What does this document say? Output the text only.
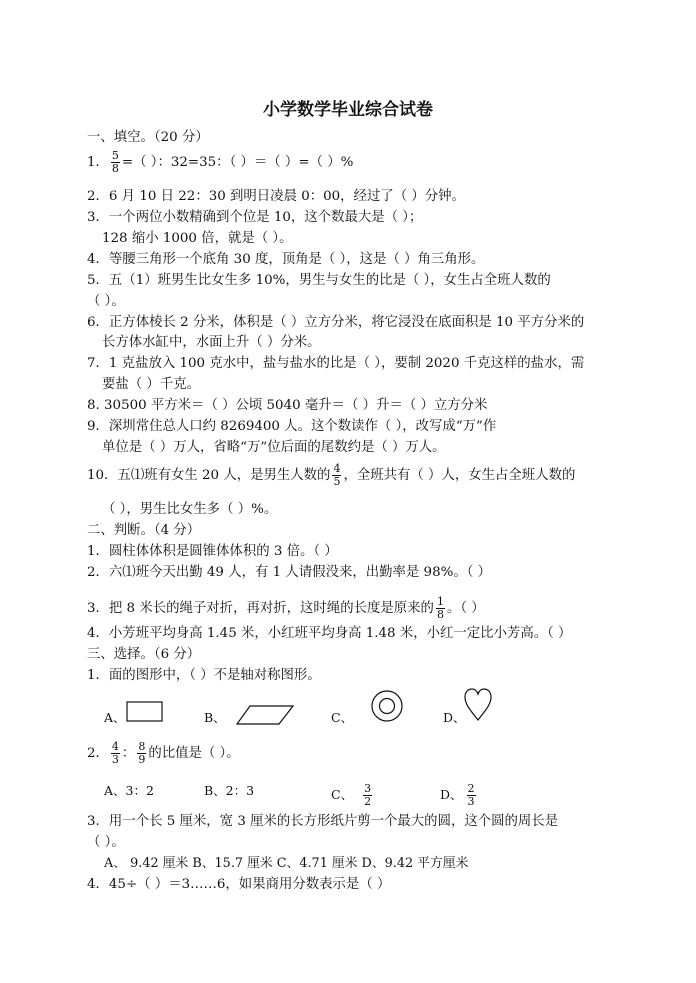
小学数学毕业综合试卷
一、填空。（20 分）
1． $\frac{5}{8}$ =（ ）：32=35：（ ）＝（ ）=（ ）%
2．6 月 10 日 22：30 到明日凌晨 0：00，经过了（ ）分钟。
3．一个两位小数精确到个位是 10，这个数最大是（ ）；
128 缩小 1000 倍，就是（ ）。
4．等腰三角形一个底角 30 度，顶角是（ ），这是（ ）角三角形。
5．五（1）班男生比女生多 10%，男生与女生的比是（ ），女生占全班人数的
（ ）。
6．正方体棱长 2 分米，体积是（ ）立方分米，将它浸没在底面积是 10 平方分米的
长方体水缸中，水面上升（ ）分米。
7．1 克盐放入 100 克水中，盐与盐水的比是（ ），要制 2020 千克这样的盐水，需
要盐（ ）千克。
8. 30500 平方米＝（ ）公顷 5040 毫升＝（ ）升＝（ ）立方分米
9．深圳常住总人口约 8269400 人。这个数读作（ ），改写成“万”作
单位是（ ）万人，省略“万”位后面的尾数约是（ ）万人。
10．五⑴班有女生 20 人，是男生人数的 $\frac{4}{5}$ ，全班共有（ ）人，女生占全班人数的
（ ），男生比女生多（ ）%。
二、判断。（4 分）
1．圆柱体体积是圆锥体体积的 3 倍。（ ）
2．六⑴班今天出勤 49 人，有 1 人请假没来，出勤率是 98%。（ ）
3．把 8 米长的绳子对折，再对折，这时绳的长度是原来的 $\frac{1}{8}$ 。（ ）
4．小芳班平均身高 1.45 米，小红班平均身高 1.48 米，小红一定比小芳高。（ ）
三、选择。（6 分）
1．面的图形中，（ ）不是轴对称图形。
A、	B、	C、	D、
2． $\frac{4}{3}$ ： $\frac{8}{9}$ 的比值是（ ）。
A、3：2	B、2：3	C、 $\frac{3}{2}$	D、 $\frac{2}{3}$
3．用一个长 5 厘米，宽 3 厘米的长方形纸片剪一个最大的圆，这个圆的周长是
（ ）。
A、 9.42 厘米 B、15.7 厘米 C、4.71 厘米 D、9.42 平方厘米
4．45÷（ ）＝3……6，如果商用分数表示是（ ）
